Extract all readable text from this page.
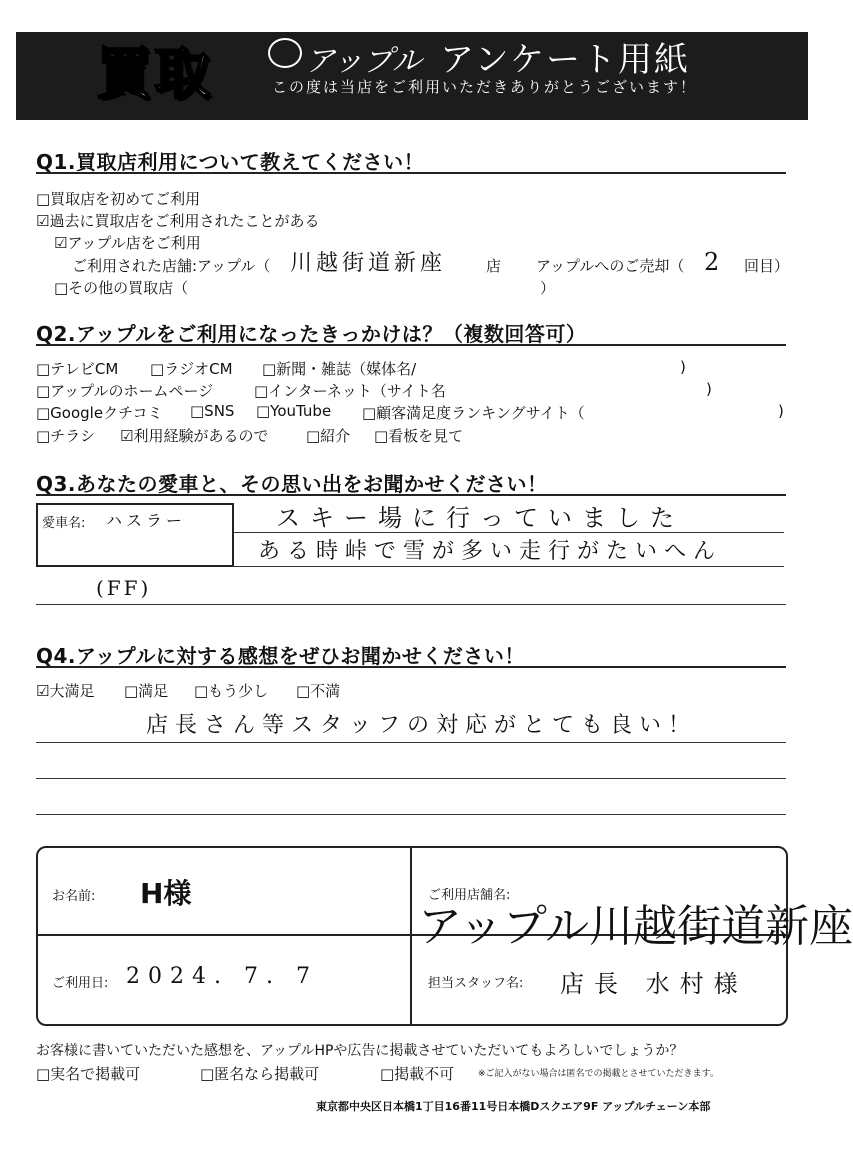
買取	アップル アンケート用紙
この度は当店をご利用いただきありがとうございます！
Q1.買取店利用について教えてください！
□買取店を初めてご利用
☑過去に買取店をご利用されたことがある
☑アップル店をご利用
ご利用された店舗:アップル（ 川越街道新座	店 アップルへのご売却（ 2 回目）
□その他の買取店（	）
Q2.アップルをご利用になったきっかけは？（複数回答可）
□テレビCM □ラジオCM □新聞・雑誌（媒体名/	)
□アップルのホームページ	□インターネット（サイト名	)
□Googleクチコミ □SNS □YouTube □顧客満足度ランキングサイト（	)
□チラシ ☑利用経験があるので	□紹介 □看板を見て
Q3.あなたの愛車と、その思い出をお聞かせください！
愛車名: ハスラー	スキー場に行っていました
ある時峠で雪が多い走行がたいへん
(FF)
Q4.アップルに対する感想をぜひお聞かせください！
☑大満足 □満足 □もう少し □不満
店長さん等スタッフの対応がとても良い！
お名前: H様	ご利用店舗名:
アップル川越街道新座
ご利用日: 2024. 7. 7	担当スタッフ名: 店長 水村様
お客様に書いていただいた感想を、アップルHPや広告に掲載させていただいてもよろしいでしょうか？
□実名で掲載可	□匿名なら掲載可	□掲載不可	※ご記入がない場合は匿名での掲載とさせていただきます。
東京都中央区日本橋1丁目16番11号日本橋Dスクエア9F アップルチェーン本部
